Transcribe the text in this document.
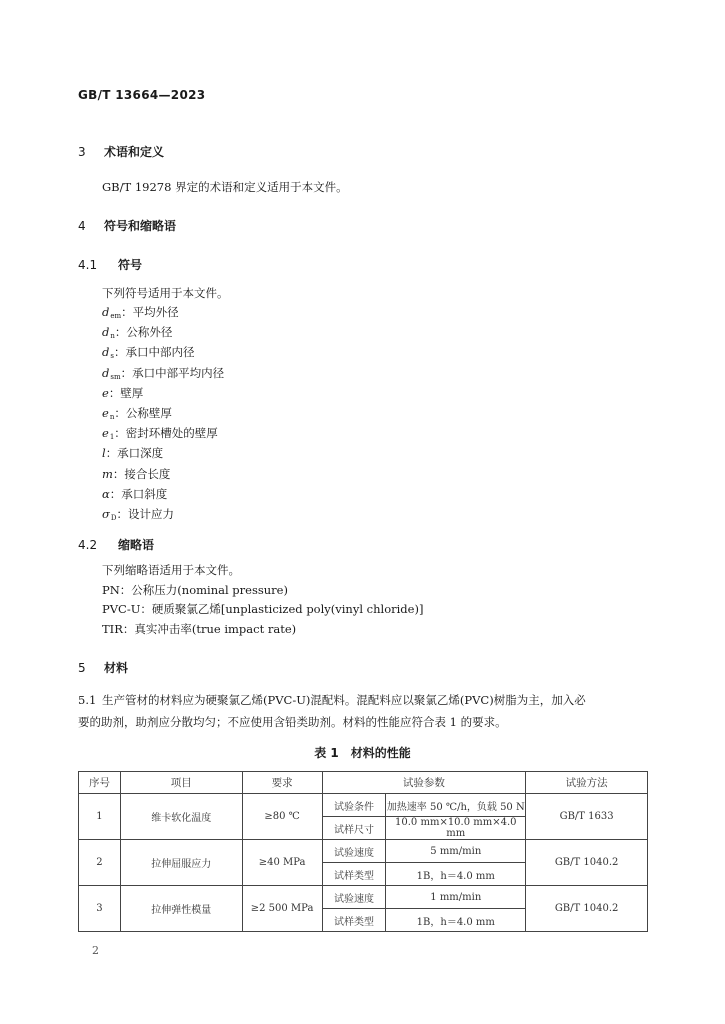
GB/T 13664—2023
3 术语和定义
GB/T 19278 界定的术语和定义适用于本文件。
4 符号和缩略语
4.1 符号
下列符号适用于本文件。
$d_{em}$：平均外径
$d_n$：公称外径
$d_s$：承口中部内径
$d_{sm}$：承口中部平均内径
e：壁厚
$e_n$：公称壁厚
$e_1$：密封环槽处的壁厚
l：承口深度
m：接合长度
α：承口斜度
$\sigma_D$：设计应力
4.2 缩略语
下列缩略语适用于本文件。
PN：公称压力(nominal pressure)
PVC-U：硬质聚氯乙烯[unplasticized poly(vinyl chloride)]
TIR：真实冲击率(true impact rate)
5 材料
5.1 生产管材的材料应为硬聚氯乙烯(PVC-U)混配料。混配料应以聚氯乙烯(PVC)树脂为主，加入必
要的助剂，助剂应分散均匀；不应使用含铅类助剂。材料的性能应符合表 1 的要求。
表 1　材料的性能
序号	项目	要求	试验参数		试验方法
1	维卡软化温度	≥80 ℃	试验条件	加热速率 50 ℃/h，负载 50 N	GB/T 1633
			试样尺寸	10.0 mm×10.0 mm×4.0 mm	
2	拉伸屈服应力	≥40 MPa	试验速度	5 mm/min	GB/T 1040.2
			试样类型	1B，h＝4.0 mm	
3	拉伸弹性模量	≥2 500 MPa	试验速度	1 mm/min	GB/T 1040.2
			试样类型	1B，h＝4.0 mm	
2
